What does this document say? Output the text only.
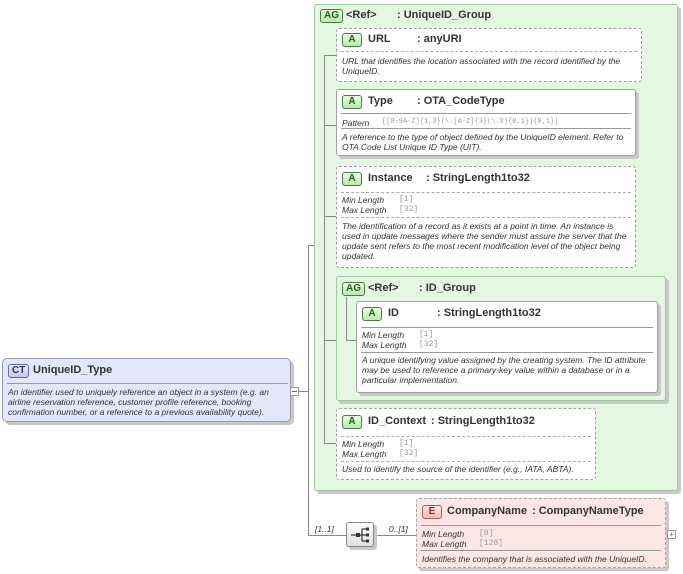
CT UniqueID_Type
An identifier used to uniquely reference an object in a system (e.g. an airline reservation reference, customer profile reference, booking confirmation number, or a reference to a previous availability quote).
AG <Ref> : UniqueID_Group
A	URL : anyURI
URL that identifies the location associated with the record identified by the UniqueID.
A	Type : OTA_CodeType
Pattern [[0-9A-Z]{1,3}(\.[A-Z]{3}(\.X){0,1}){0,1}]
A reference to the type of object defined by the UniqueID element. Refer to OTA Code List Unique ID Type (UIT).
A	Instance : StringLength1to32
Min Length [1]
Max Length [32]
The identification of a record as it exists at a point in time. An instance is used in update messages where the sender must assure the server that the update sent refers to the most recent modification level of the object being updated.
AG <Ref> : ID_Group
A	ID	: StringLength1to32
Min Length [1]
Max Length [32]
A unique identifying value assigned by the creating system. The ID attribute may be used to reference a primary-key value within a database or in a particular implementation.
A	ID_Context : StringLength1to32
Min Length [1]
Max Length [32]
Used to identify the source of the identifier (e.g., IATA, ABTA).
[1..1]	0..[1]
E	CompanyName : CompanyNameType
Min Length [0]
Max Length [128]
Identifies the company that is associated with the UniqueID.
+
